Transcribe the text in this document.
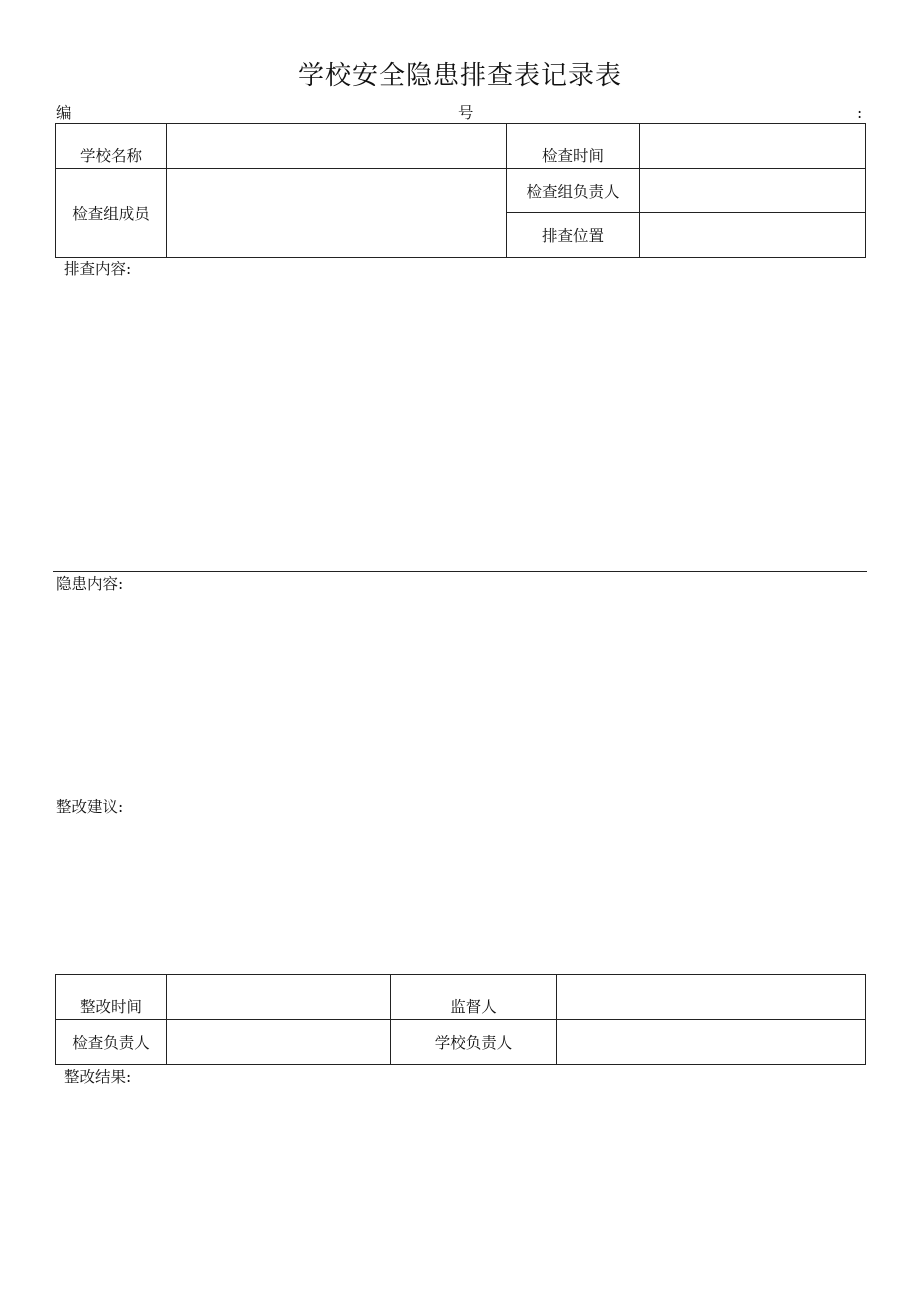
学校安全隐患排查表记录表
编	号	:
学校名称		检查时间	
检查组成员		检查组负责人	
		排查位置	
排查内容:
隐患内容:
整改建议:
整改时间		监督人	
检查负责人		学校负责人	
整改结果:
